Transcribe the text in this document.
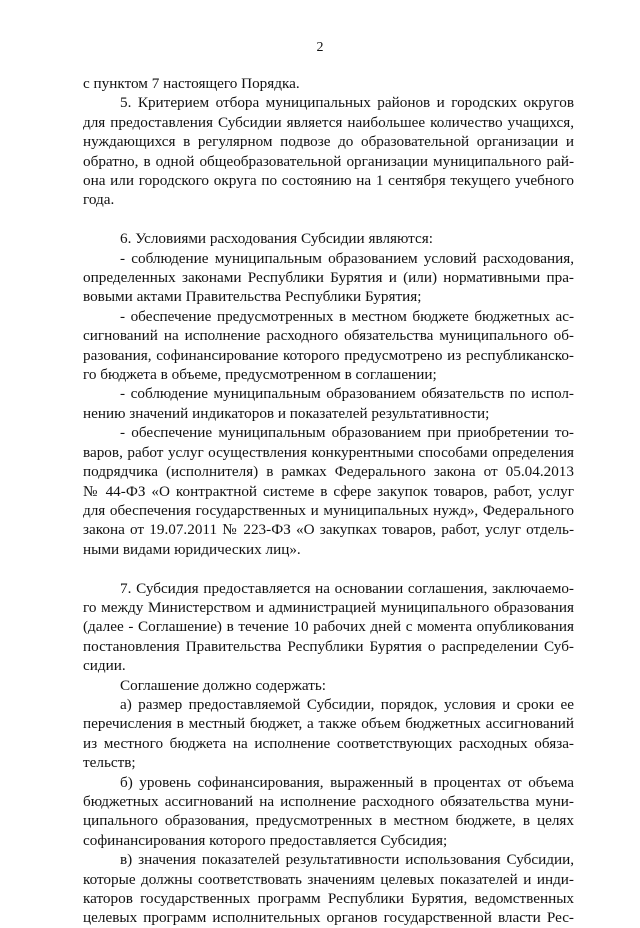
2
с пунктом 7 настоящего Порядка.
5. Критерием отбора муниципальных районов и городских округов
для предоставления Субсидии является наибольшее количество учащихся,
нуждающихся в регулярном подвозе до образовательной организации и
обратно, в одной общеобразовательной организации муниципального рай-
она или городского округа по состоянию на 1 сентября текущего учебного
года.
6. Условиями расходования Субсидии являются:
- соблюдение муниципальным образованием условий расходования,
определенных законами Республики Бурятия и (или) нормативными пра-
вовыми актами Правительства Республики Бурятия;
- обеспечение предусмотренных в местном бюджете бюджетных ас-
сигнований на исполнение расходного обязательства муниципального об-
разования, софинансирование которого предусмотрено из республиканско-
го бюджета в объеме, предусмотренном в соглашении;
- соблюдение муниципальным образованием обязательств по испол-
нению значений индикаторов и показателей результативности;
- обеспечение муниципальным образованием при приобретении то-
варов, работ услуг осуществления конкурентными способами определения
подрядчика (исполнителя) в рамках Федерального закона от 05.04.2013
№ 44-ФЗ «О контрактной системе в сфере закупок товаров, работ, услуг
для обеспечения государственных и муниципальных нужд», Федерального
закона от 19.07.2011 № 223-ФЗ «О закупках товаров, работ, услуг отдель-
ными видами юридических лиц».
7. Субсидия предоставляется на основании соглашения, заключаемо-
го между Министерством и администрацией муниципального образования
(далее - Соглашение) в течение 10 рабочих дней с момента опубликования
постановления Правительства Республики Бурятия о распределении Суб-
сидии.
Соглашение должно содержать:
а) размер предоставляемой Субсидии, порядок, условия и сроки ее
перечисления в местный бюджет, а также объем бюджетных ассигнований
из местного бюджета на исполнение соответствующих расходных обяза-
тельств;
б) уровень софинансирования, выраженный в процентах от объема
бюджетных ассигнований на исполнение расходного обязательства муни-
ципального образования, предусмотренных в местном бюджете, в целях
софинансирования которого предоставляется Субсидия;
в) значения показателей результативности использования Субсидии,
которые должны соответствовать значениям целевых показателей и инди-
каторов государственных программ Республики Бурятия, ведомственных
целевых программ исполнительных органов государственной власти Рес-
